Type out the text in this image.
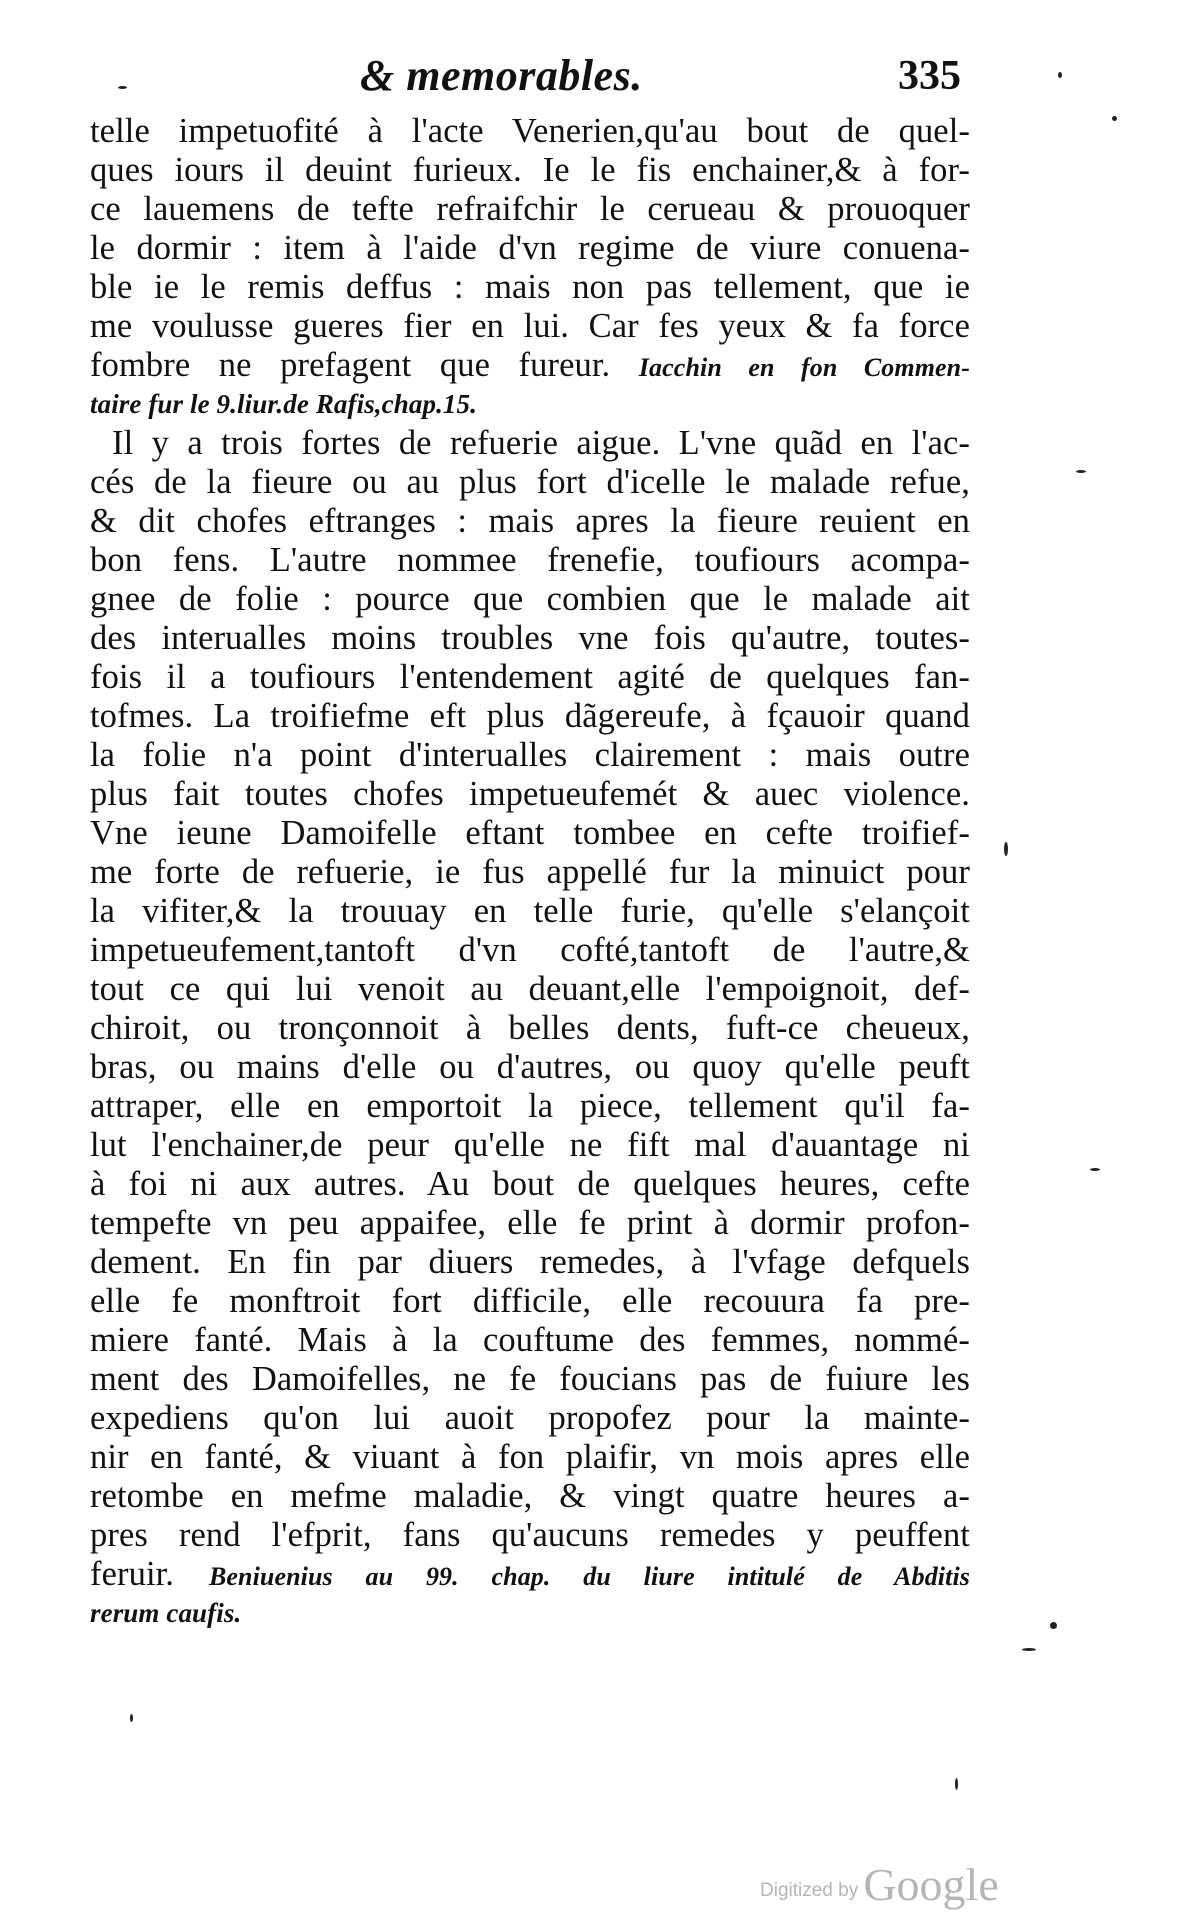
& memorables.	335
telle impetuofité à l'acte Venerien,qu'au bout de quel-
ques iours il deuint furieux. Ie le fis enchainer,& à for-
ce lauemens de tefte refraifchir le cerueau & prouoquer
le dormir : item à l'aide d'vn regime de viure conuena-
ble ie le remis deffus : mais non pas tellement, que ie
me voulusse gueres fier en lui. Car fes yeux & fa force
fombre ne prefagent que fureur. Iacchin en fon Commen-
taire fur le 9.liur.de Rafis,chap.15.
Il y a trois fortes de refuerie aigue. L'vne quãd en l'ac-
cés de la fieure ou au plus fort d'icelle le malade refue,
& dit chofes eftranges : mais apres la fieure reuient en
bon fens. L'autre nommee frenefie, toufiours acompa-
gnee de folie : pource que combien que le malade ait
des interualles moins troubles vne fois qu'autre, toutes-
fois il a toufiours l'entendement agité de quelques fan-
tofmes. La troifiefme eft plus dãgereufe, à fçauoir quand
la folie n'a point d'interualles clairement : mais outre
plus fait toutes chofes impetueufemét & auec violence.
Vne ieune Damoifelle eftant tombee en cefte troifief-
me forte de refuerie, ie fus appellé fur la minuict pour
la vifiter,& la trouuay en telle furie, qu'elle s'elançoit
impetueufement,tantoft d'vn cofté,tantoft de l'autre,&
tout ce qui lui venoit au deuant,elle l'empoignoit, def-
chiroit, ou tronçonnoit à belles dents, fuft-ce cheueux,
bras, ou mains d'elle ou d'autres, ou quoy qu'elle peuft
attraper, elle en emportoit la piece, tellement qu'il fa-
lut l'enchainer,de peur qu'elle ne fift mal d'auantage ni
à foi ni aux autres. Au bout de quelques heures, cefte
tempefte vn peu appaifee, elle fe print à dormir profon-
dement. En fin par diuers remedes, à l'vfage defquels
elle fe monftroit fort difficile, elle recouura fa pre-
miere fanté. Mais à la couftume des femmes, nommé-
ment des Damoifelles, ne fe foucians pas de fuiure les
expediens qu'on lui auoit propofez pour la mainte-
nir en fanté, & viuant à fon plaifir, vn mois apres elle
retombe en mefme maladie, & vingt quatre heures a-
pres rend l'efprit, fans qu'aucuns remedes y peuffent
feruir. Beniuenius au 99. chap. du liure intitulé de Abditis
rerum caufis.
Digitized by Google
